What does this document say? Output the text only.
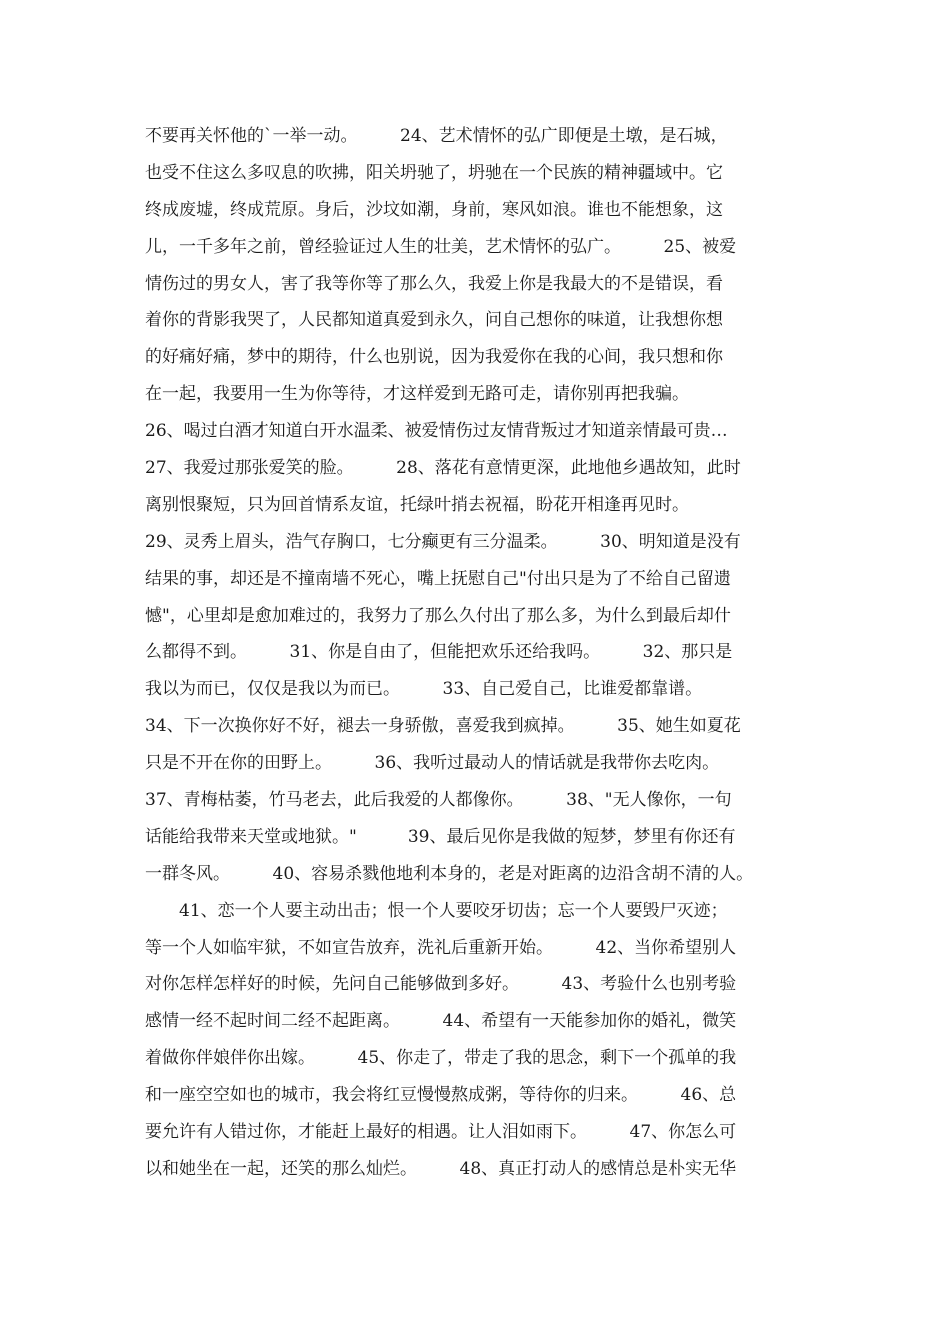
不要再关怀他的`一举一动。　　　24、艺术情怀的弘广即便是土墩，是石城，
也受不住这么多叹息的吹拂，阳关坍驰了，坍驰在一个民族的精神疆域中。它
终成废墟，终成荒原。身后，沙坟如潮，身前，寒风如浪。谁也不能想象，这
儿，一千多年之前，曾经验证过人生的壮美，艺术情怀的弘广。　　　25、被爱
情伤过的男女人，害了我等你等了那么久，我爱上你是我最大的不是错误，看
着你的背影我哭了，人民都知道真爱到永久，问自己想你的味道，让我想你想
的好痛好痛，梦中的期待，什么也别说，因为我爱你在我的心间，我只想和你
在一起，我要用一生为你等待，才这样爱到无路可走，请你别再把我骗。
26、喝过白酒才知道白开水温柔、被爱情伤过友情背叛过才知道亲情最可贵…
27、我爱过那张爱笑的脸。　　　28、落花有意情更深，此地他乡遇故知，此时
离别恨聚短，只为回首情系友谊，托绿叶捎去祝福，盼花开相逢再见时。
29、灵秀上眉头，浩气存胸口，七分癫更有三分温柔。　　　30、明知道是没有
结果的事，却还是不撞南墙不死心，嘴上抚慰自己"付出只是为了不给自己留遗
憾"，心里却是愈加难过的，我努力了那么久付出了那么多，为什么到最后却什
么都得不到。　　　31、你是自由了，但能把欢乐还给我吗。　　　32、那只是
我以为而已，仅仅是我以为而已。　　　33、自己爱自己，比谁爱都靠谱。
34、下一次换你好不好，褪去一身骄傲，喜爱我到疯掉。　　　35、她生如夏花
只是不开在你的田野上。　　　36、我听过最动人的情话就是我带你去吃肉。
37、青梅枯萎，竹马老去，此后我爱的人都像你。　　　38、"无人像你，一句
话能给我带来天堂或地狱。"　　　39、最后见你是我做的短梦，梦里有你还有
一群冬风。　　　40、容易杀戮他地利本身的，老是对距离的边沿含胡不清的人。
　　41、恋一个人要主动出击；恨一个人要咬牙切齿；忘一个人要毁尸灭迹；
等一个人如临牢狱，不如宣告放弃，洗礼后重新开始。　　　42、当你希望别人
对你怎样怎样好的时候，先问自己能够做到多好。　　　43、考验什么也别考验
感情一经不起时间二经不起距离。　　　44、希望有一天能参加你的婚礼，微笑
着做你伴娘伴你出嫁。　　　45、你走了，带走了我的思念，剩下一个孤单的我
和一座空空如也的城市，我会将红豆慢慢熬成粥，等待你的归来。　　　46、总
要允许有人错过你，才能赶上最好的相遇。让人泪如雨下。　　　47、你怎么可
以和她坐在一起，还笑的那么灿烂。　　　48、真正打动人的感情总是朴实无华
